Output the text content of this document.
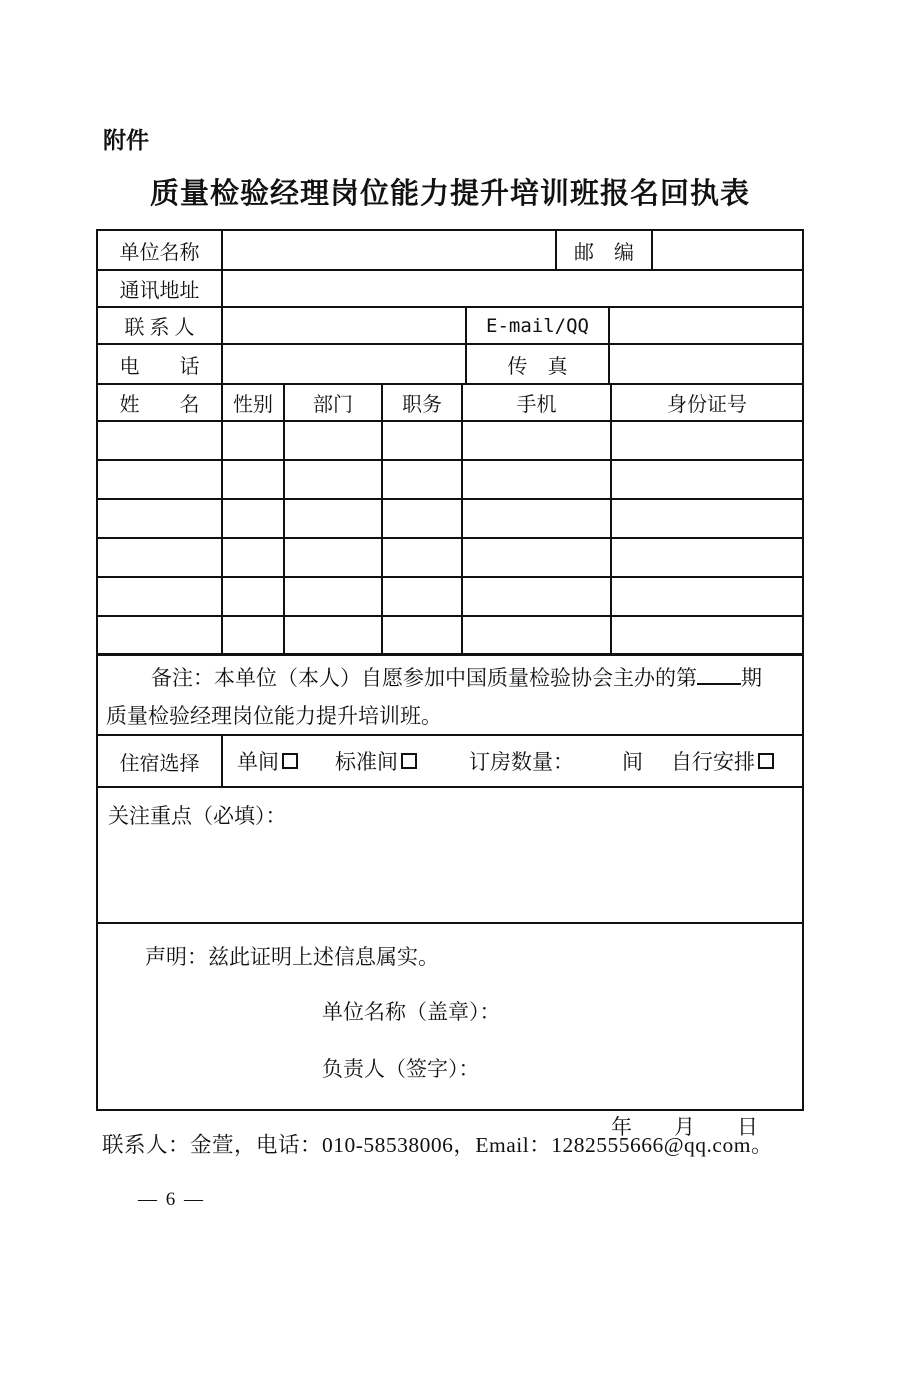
附件
质量检验经理岗位能力提升培训班报名回执表
单位名称	邮　编
通讯地址
联 系 人	E-mail/QQ
电　　话	传　真
姓　　名	性别	部门	职务	手机	身份证号

备注：本单位（本人）自愿参加中国质量检验协会主办的第 期

质量检验经理岗位能力提升培训班。

住宿选择	单间	标准间	订房数量： 间 自行安排
关注重点（必填）：

声明：兹此证明上述信息属实。

单位名称（盖章）：

负责人（签字）：

年　　月　　日

联系人：金萱，电话：010-58538006，Email：1282555666@qq.com。
— 6 —
